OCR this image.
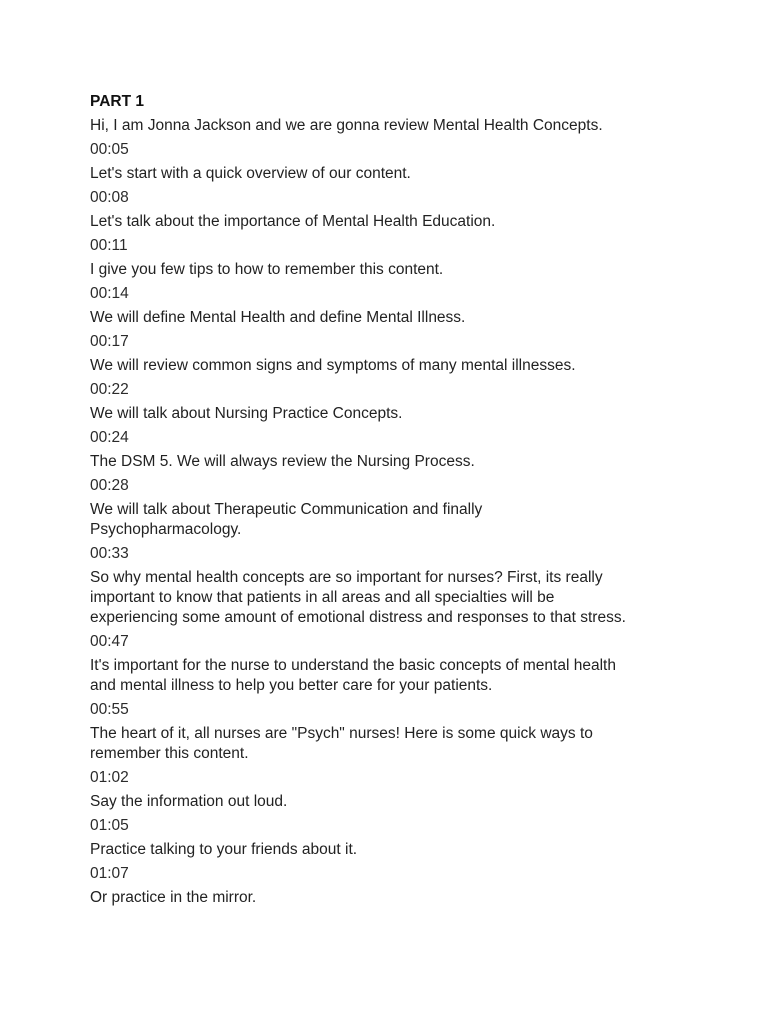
PART 1
Hi, I am Jonna Jackson and we are gonna review Mental Health Concepts.
00:05
Let's start with a quick overview of our content.
00:08
Let's talk about the importance of Mental Health Education.
00:11
I give you few tips to how to remember this content.
00:14
We will define Mental Health and define Mental Illness.
00:17
We will review common signs and symptoms of many mental illnesses.
00:22
We will talk about Nursing Practice Concepts.
00:24
The DSM 5. We will always review the Nursing Process.
00:28
We will talk about Therapeutic Communication and finally
Psychopharmacology.
00:33
So why mental health concepts are so important for nurses? First, its really
important to know that patients in all areas and all specialties will be
experiencing some amount of emotional distress and responses to that stress.
00:47
It's important for the nurse to understand the basic concepts of mental health
and mental illness to help you better care for your patients.
00:55
The heart of it, all nurses are "Psych" nurses! Here is some quick ways to
remember this content.
01:02
Say the information out loud.
01:05
Practice talking to your friends about it.
01:07
Or practice in the mirror.
